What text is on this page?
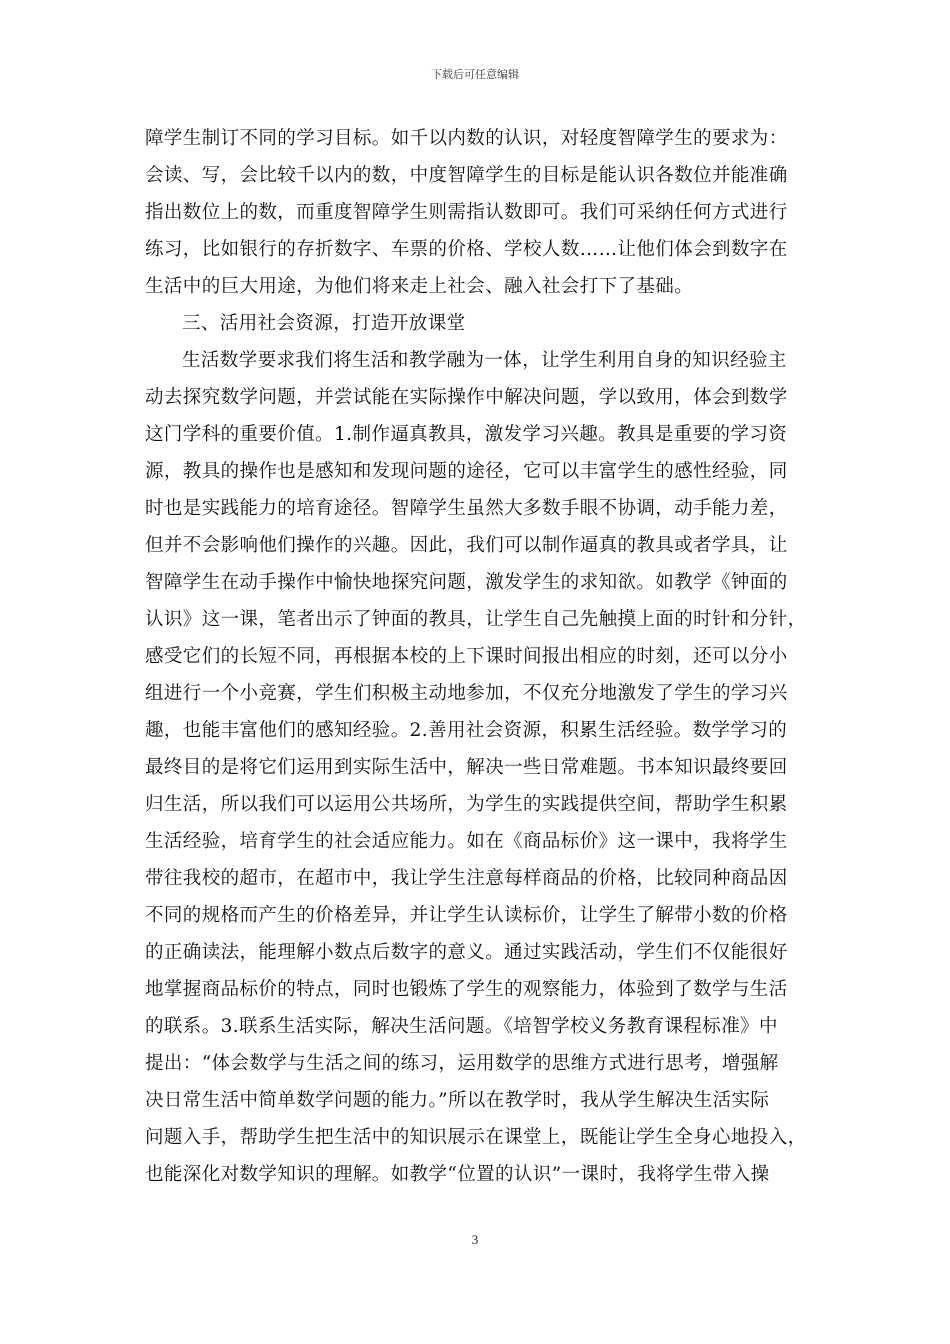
下载后可任意编辑
障学生制订不同的学习目标。如千以内数的认识，对轻度智障学生的要求为：
会读、写，会比较千以内的数，中度智障学生的目标是能认识各数位并能准确
指出数位上的数，而重度智障学生则需指认数即可。我们可采纳任何方式进行
练习，比如银行的存折数字、车票的价格、学校人数……让他们体会到数字在
生活中的巨大用途，为他们将来走上社会、融入社会打下了基础。
三、活用社会资源，打造开放课堂
生活数学要求我们将生活和教学融为一体，让学生利用自身的知识经验主
动去探究数学问题，并尝试能在实际操作中解决问题，学以致用，体会到数学
这门学科的重要价值。1.制作逼真教具，激发学习兴趣。教具是重要的学习资
源，教具的操作也是感知和发现问题的途径，它可以丰富学生的感性经验，同
时也是实践能力的培育途径。智障学生虽然大多数手眼不协调，动手能力差，
但并不会影响他们操作的兴趣。因此，我们可以制作逼真的教具或者学具，让
智障学生在动手操作中愉快地探究问题，激发学生的求知欲。如教学《钟面的
认识》这一课，笔者出示了钟面的教具，让学生自己先触摸上面的时针和分针，
感受它们的长短不同，再根据本校的上下课时间报出相应的时刻，还可以分小
组进行一个小竞赛，学生们积极主动地参加，不仅充分地激发了学生的学习兴
趣，也能丰富他们的感知经验。2.善用社会资源，积累生活经验。数学学习的
最终目的是将它们运用到实际生活中，解决一些日常难题。书本知识最终要回
归生活，所以我们可以运用公共场所，为学生的实践提供空间，帮助学生积累
生活经验，培育学生的社会适应能力。如在《商品标价》这一课中，我将学生
带往我校的超市，在超市中，我让学生注意每样商品的价格，比较同种商品因
不同的规格而产生的价格差异，并让学生认读标价，让学生了解带小数的价格
的正确读法，能理解小数点后数字的意义。通过实践活动，学生们不仅能很好
地掌握商品标价的特点，同时也锻炼了学生的观察能力，体验到了数学与生活
的联系。3.联系生活实际，解决生活问题。《培智学校义务教育课程标准》中
提出：“体会数学与生活之间的练习，运用数学的思维方式进行思考，增强解
决日常生活中简单数学问题的能力。”所以在教学时，我从学生解决生活实际
问题入手，帮助学生把生活中的知识展示在课堂上，既能让学生全身心地投入，
也能深化对数学知识的理解。如教学“位置的认识”一课时，我将学生带入操
3
